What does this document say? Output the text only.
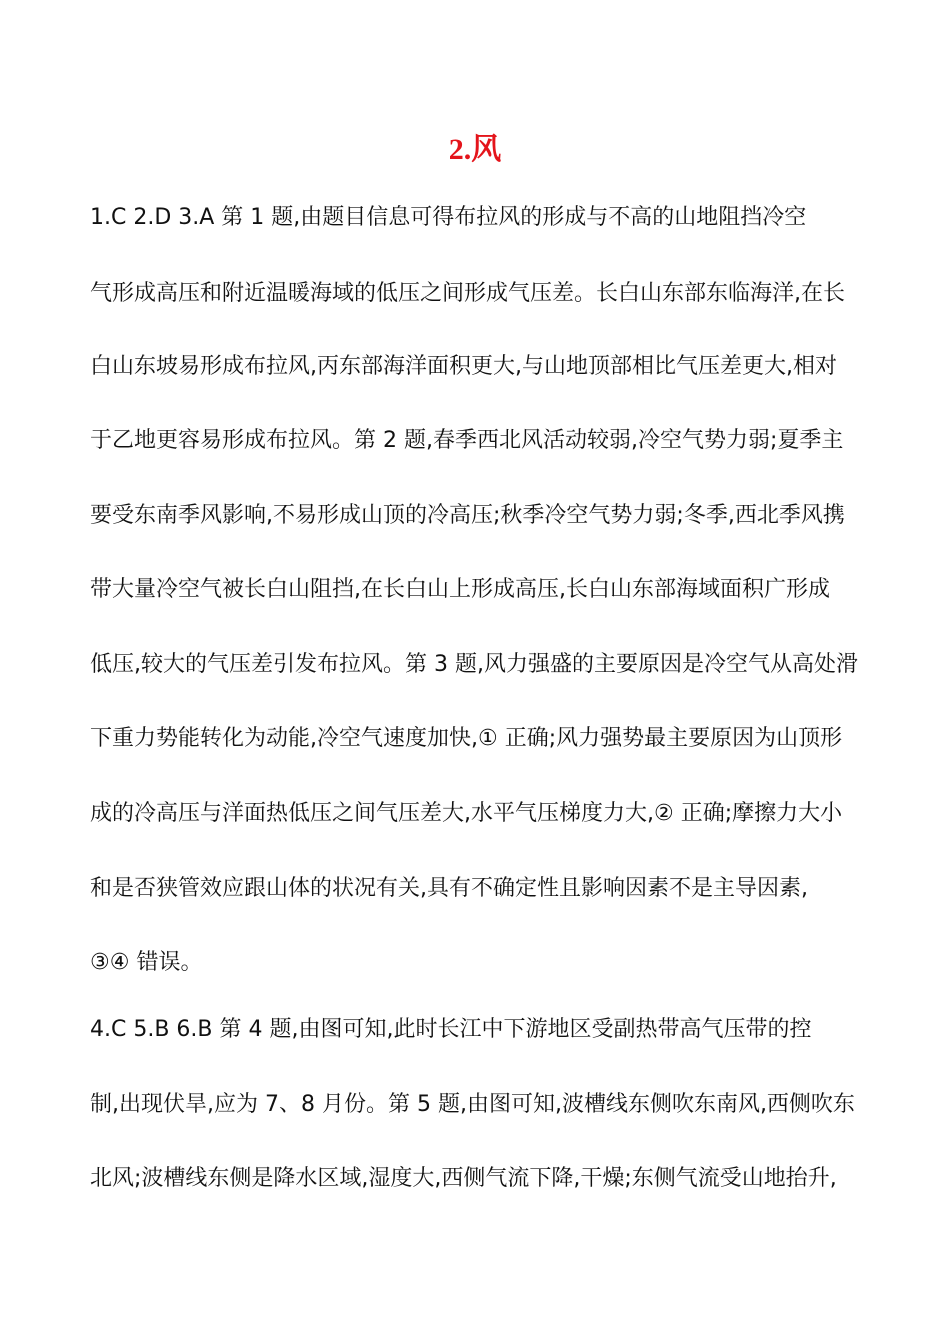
2.风
1.C 2.D 3.A 第 1 题,由题目信息可得布拉风的形成与不高的山地阻挡冷空
气形成高压和附近温暖海域的低压之间形成气压差。长白山东部东临海洋,在长
白山东坡易形成布拉风,丙东部海洋面积更大,与山地顶部相比气压差更大,相对
于乙地更容易形成布拉风。第 2 题,春季西北风活动较弱,冷空气势力弱;夏季主
要受东南季风影响,不易形成山顶的冷高压;秋季冷空气势力弱;冬季,西北季风携
带大量冷空气被长白山阻挡,在长白山上形成高压,长白山东部海域面积广形成
低压,较大的气压差引发布拉风。第 3 题,风力强盛的主要原因是冷空气从高处滑
下重力势能转化为动能,冷空气速度加快,① 正确;风力强势最主要原因为山顶形
成的冷高压与洋面热低压之间气压差大,水平气压梯度力大,② 正确;摩擦力大小
和是否狭管效应跟山体的状况有关,具有不确定性且影响因素不是主导因素,
③④ 错误。
4.C 5.B 6.B 第 4 题,由图可知,此时长江中下游地区受副热带高气压带的控
制,出现伏旱,应为 7、8 月份。第 5 题,由图可知,波槽线东侧吹东南风,西侧吹东
北风;波槽线东侧是降水区域,湿度大,西侧气流下降,干燥;东侧气流受山地抬升,
